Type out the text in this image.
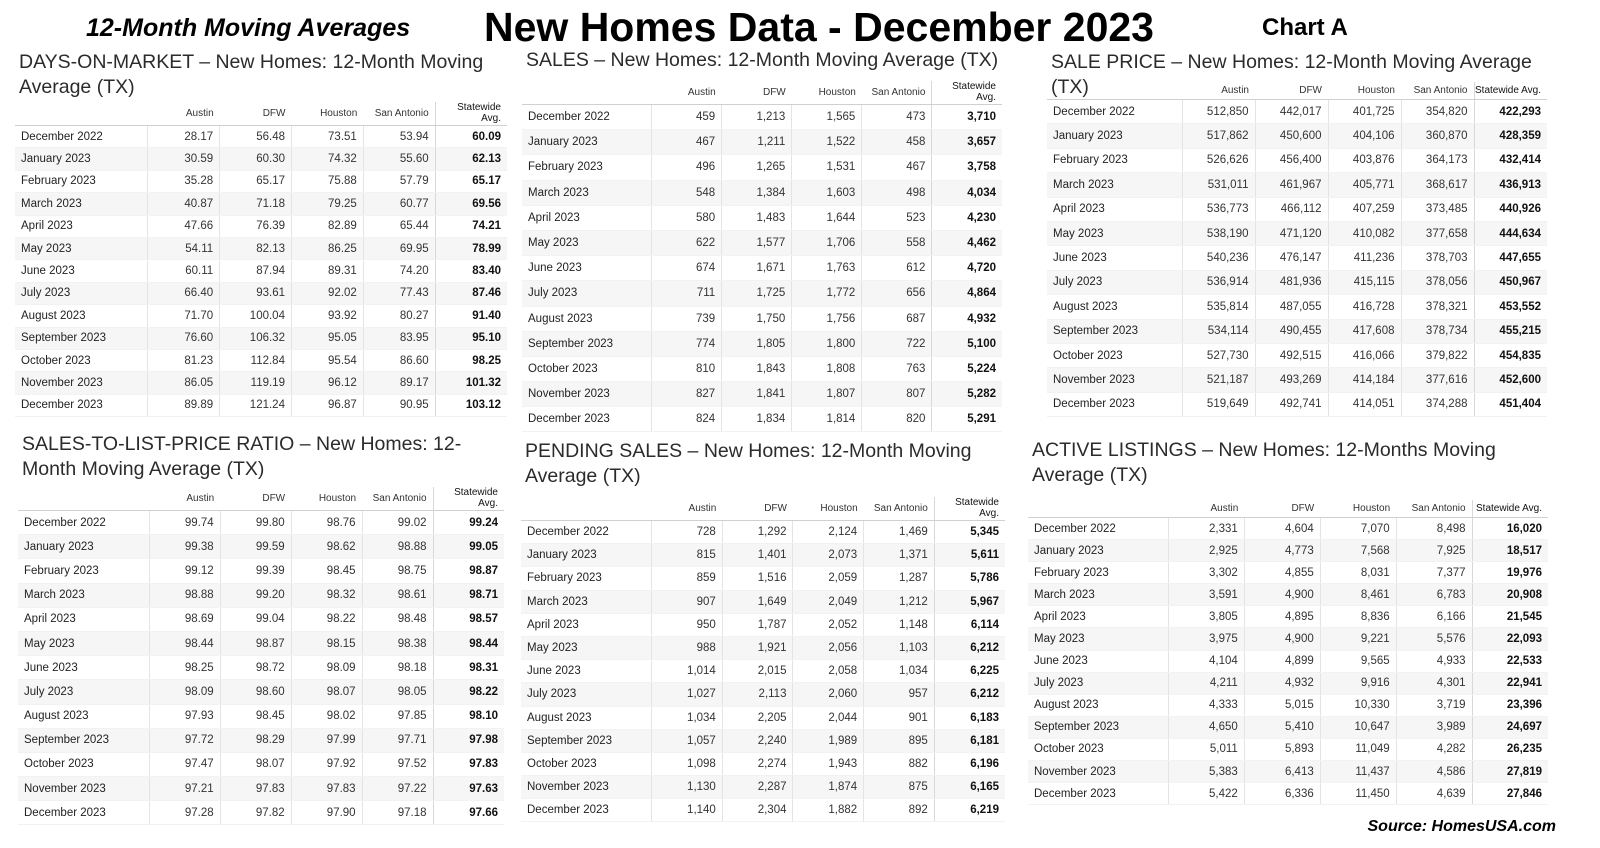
12-Month Moving Averages New Homes Data - December 2023	Chart A
Source: HomesUSA.com
DAYS-ON-MARKET – New Homes: 12-Month Moving Average (TX)
	Austin	DFW	Houston	San Antonio	Statewide Avg.
December 2022	28.17	56.48	73.51	53.94	60.09
January 2023	30.59	60.30	74.32	55.60	62.13
February 2023	35.28	65.17	75.88	57.79	65.17
March 2023	40.87	71.18	79.25	60.77	69.56
April 2023	47.66	76.39	82.89	65.44	74.21
May 2023	54.11	82.13	86.25	69.95	78.99
June 2023	60.11	87.94	89.31	74.20	83.40
July 2023	66.40	93.61	92.02	77.43	87.46
August 2023	71.70	100.04	93.92	80.27	91.40
September 2023	76.60	106.32	95.05	83.95	95.10
October 2023	81.23	112.84	95.54	86.60	98.25
November 2023	86.05	119.19	96.12	89.17	101.32
December 2023	89.89	121.24	96.87	90.95	103.12
SALES – New Homes: 12-Month Moving Average (TX)
	Austin	DFW	Houston	San Antonio	Statewide Avg.
December 2022	459	1,213	1,565	473	3,710
January 2023	467	1,211	1,522	458	3,657
February 2023	496	1,265	1,531	467	3,758
March 2023	548	1,384	1,603	498	4,034
April 2023	580	1,483	1,644	523	4,230
May 2023	622	1,577	1,706	558	4,462
June 2023	674	1,671	1,763	612	4,720
July 2023	711	1,725	1,772	656	4,864
August 2023	739	1,750	1,756	687	4,932
September 2023	774	1,805	1,800	722	5,100
October 2023	810	1,843	1,808	763	5,224
November 2023	827	1,841	1,807	807	5,282
December 2023	824	1,834	1,814	820	5,291
SALE PRICE – New Homes: 12-Month Moving Average (TX)
		Austin	DFW	Houston	San Antonio	Statewide Avg.
December 2022	512,850	442,017	401,725	354,820	422,293
January 2023	517,862	450,600	404,106	360,870	428,359
February 2023	526,626	456,400	403,876	364,173	432,414
March 2023	531,011	461,967	405,771	368,617	436,913
April 2023	536,773	466,112	407,259	373,485	440,926
May 2023	538,190	471,120	410,082	377,658	444,634
June 2023	540,236	476,147	411,236	378,703	447,655
July 2023	536,914	481,936	415,115	378,056	450,967
August 2023	535,814	487,055	416,728	378,321	453,552
September 2023	534,114	490,455	417,608	378,734	455,215
October 2023	527,730	492,515	416,066	379,822	454,835
November 2023	521,187	493,269	414,184	377,616	452,600
December 2023	519,649	492,741	414,051	374,288	451,404
SALES-TO-LIST-PRICE RATIO – New Homes: 12-Month Moving Average (TX)
	Austin	DFW	Houston	San Antonio	Statewide Avg.
December 2022	99.74	99.80	98.76	99.02	99.24
January 2023	99.38	99.59	98.62	98.88	99.05
February 2023	99.12	99.39	98.45	98.75	98.87
March 2023	98.88	99.20	98.32	98.61	98.71
April 2023	98.69	99.04	98.22	98.48	98.57
May 2023	98.44	98.87	98.15	98.38	98.44
June 2023	98.25	98.72	98.09	98.18	98.31
July 2023	98.09	98.60	98.07	98.05	98.22
August 2023	97.93	98.45	98.02	97.85	98.10
September 2023	97.72	98.29	97.99	97.71	97.98
October 2023	97.47	98.07	97.92	97.52	97.83
November 2023	97.21	97.83	97.83	97.22	97.63
December 2023	97.28	97.82	97.90	97.18	97.66
PENDING SALES – New Homes: 12-Month Moving Average (TX)
	Austin	DFW	Houston	San Antonio	Statewide Avg.
December 2022	728	1,292	2,124	1,469	5,345
January 2023	815	1,401	2,073	1,371	5,611
February 2023	859	1,516	2,059	1,287	5,786
March 2023	907	1,649	2,049	1,212	5,967
April 2023	950	1,787	2,052	1,148	6,114
May 2023	988	1,921	2,056	1,103	6,212
June 2023	1,014	2,015	2,058	1,034	6,225
July 2023	1,027	2,113	2,060	957	6,212
August 2023	1,034	2,205	2,044	901	6,183
September 2023	1,057	2,240	1,989	895	6,181
October 2023	1,098	2,274	1,943	882	6,196
November 2023	1,130	2,287	1,874	875	6,165
December 2023	1,140	2,304	1,882	892	6,219
ACTIVE LISTINGS – New Homes: 12-Months Moving Average (TX)
	Austin	DFW	Houston	San Antonio	Statewide Avg.
December 2022	2,331	4,604	7,070	8,498	16,020
January 2023	2,925	4,773	7,568	7,925	18,517
February 2023	3,302	4,855	8,031	7,377	19,976
March 2023	3,591	4,900	8,461	6,783	20,908
April 2023	3,805	4,895	8,836	6,166	21,545
May 2023	3,975	4,900	9,221	5,576	22,093
June 2023	4,104	4,899	9,565	4,933	22,533
July 2023	4,211	4,932	9,916	4,301	22,941
August 2023	4,333	5,015	10,330	3,719	23,396
September 2023	4,650	5,410	10,647	3,989	24,697
October 2023	5,011	5,893	11,049	4,282	26,235
November 2023	5,383	6,413	11,437	4,586	27,819
December 2023	5,422	6,336	11,450	4,639	27,846
